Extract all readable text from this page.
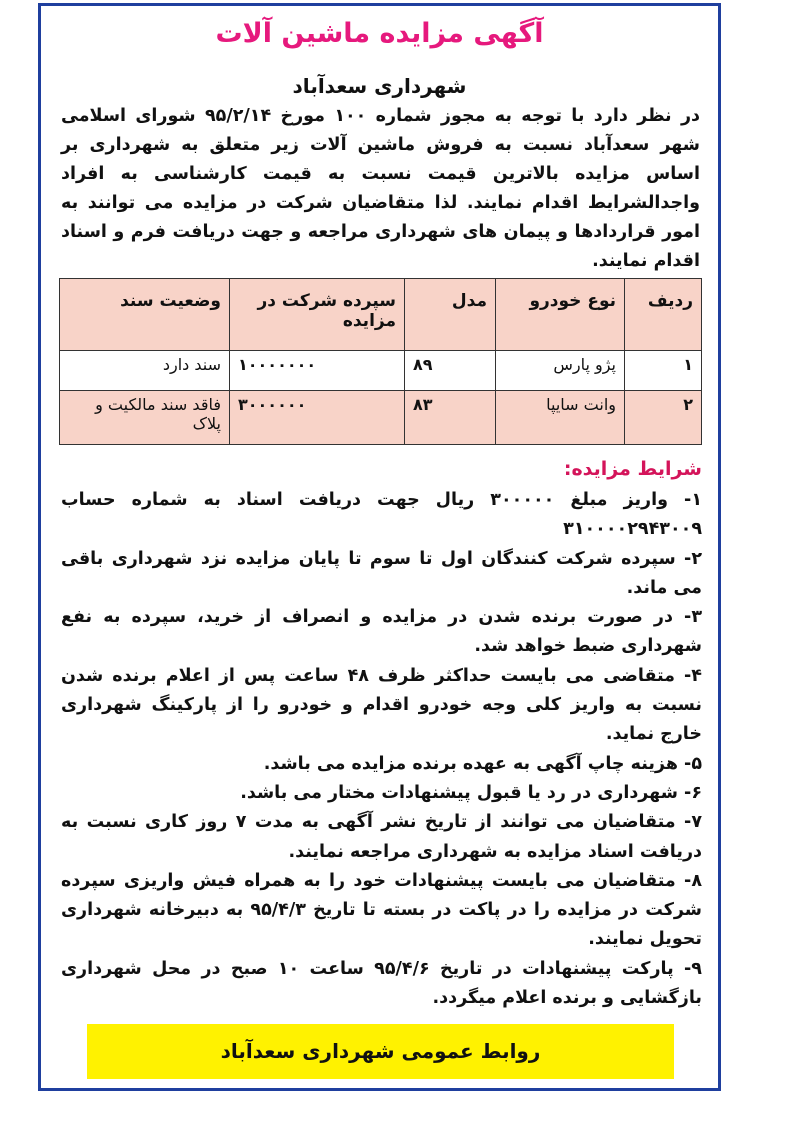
آگهی مزایده ماشین آلات
شهرداری سعدآباد
در نظر دارد با توجه به مجوز شماره ۱۰۰ مورخ ۹۵/۲/۱۴ شورای اسلامی شهر سعدآباد نسبت به فروش ماشین آلات زیر متعلق به شهرداری بر اساس مزایده بالاترین قیمت نسبت به قیمت کارشناسی به افراد واجدالشرایط اقدام نمایند. لذا متقاضیان شرکت در مزایده می توانند به امور قراردادها و پیمان های شهرداری مراجعه و جهت دریافت فرم و اسناد اقدام نمایند.
ردیف	نوع خودرو	مدل	سپرده شرکت در مزایده	وضعیت سند
۱	پژو پارس	۸۹	۱۰۰۰۰۰۰۰	سند دارد
۲	وانت سایپا	۸۳	۳۰۰۰۰۰۰	فاقد سند مالکیت و پلاک
شرایط مزایده:

۱- واریز مبلغ ۳۰۰۰۰۰ ریال جهت دریافت اسناد به شماره حساب ۳۱۰۰۰۰۲۹۴۳۰۰۹

۲- سپرده شرکت کنندگان اول تا سوم تا پایان مزایده نزد شهرداری باقی می ماند.

۳- در صورت برنده شدن در مزایده و انصراف از خرید، سپرده به نفع شهرداری ضبط خواهد شد.

۴- متقاضی می بایست حداکثر ظرف ۴۸ ساعت پس از اعلام برنده شدن نسبت به واریز کلی وجه خودرو اقدام و خودرو را از پارکینگ شهرداری خارج نماید.

۵- هزینه چاپ آگهی به عهده برنده مزایده می باشد.

۶- شهرداری در رد یا قبول پیشنهادات مختار می باشد.

۷- متقاضیان می توانند از تاریخ نشر آگهی به مدت ۷ روز کاری نسبت به دریافت اسناد مزایده به شهرداری مراجعه نمایند.

۸- متقاضیان می بایست پیشنهادات خود را به همراه فیش واریزی سپرده شرکت در مزایده را در پاکت در بسته تا تاریخ ۹۵/۴/۳ به دبیرخانه شهرداری تحویل نمایند.

۹- پارکت پیشنهادات در تاریخ ۹۵/۴/۶ ساعت ۱۰ صبح در محل شهرداری بازگشایی و برنده اعلام میگردد.

روابط عمومی شهرداری سعدآباد
